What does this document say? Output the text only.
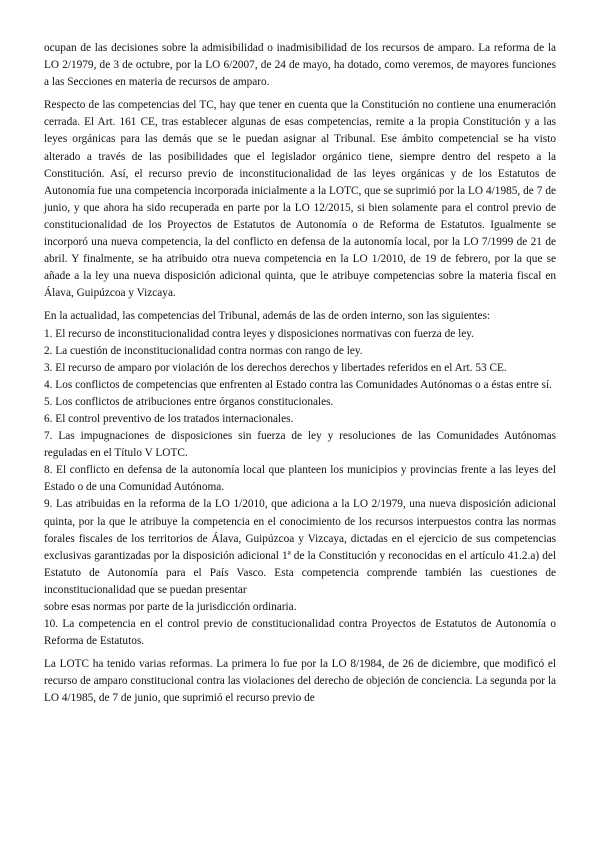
ocupan de las decisiones sobre la admisibilidad o inadmisibilidad de los recursos de amparo. La reforma de la LO 2/1979, de 3 de octubre, por la LO 6/2007, de 24 de mayo, ha dotado, como veremos, de mayores funciones a las Secciones en materia de recursos de amparo.

Respecto de las competencias del TC, hay que tener en cuenta que la Constitución no contiene una enumeración cerrada. El Art. 161 CE, tras establecer algunas de esas competencias, remite a la propia Constitución y a las leyes orgánicas para las demás que se le puedan asignar al Tribunal. Ese ámbito competencial se ha visto alterado a través de las posibilidades que el legislador orgánico tiene, siempre dentro del respeto a la Constitución. Así, el recurso previo de inconstitucionalidad de las leyes orgánicas y de los Estatutos de Autonomía fue una competencia incorporada inicialmente a la LOTC, que se suprimió por la LO 4/1985, de 7 de junio, y que ahora ha sido recuperada en parte por la LO 12/2015, si bien solamente para el control previo de constitucionalidad de los Proyectos de Estatutos de Autonomía o de Reforma de Estatutos. Igualmente se incorporó una nueva competencia, la del conflicto en defensa de la autonomía local, por la LO 7/1999 de 21 de abril. Y finalmente, se ha atribuido otra nueva competencia en la LO 1/2010, de 19 de febrero, por la que se añade a la ley una nueva disposición adicional quinta, que le atribuye competencias sobre la materia fiscal en Álava, Guipúzcoa y Vizcaya.

En la actualidad, las competencias del Tribunal, además de las de orden interno, son las siguientes:

1. El recurso de inconstitucionalidad contra leyes y disposiciones normativas con fuerza de ley.

2. La cuestión de inconstitucionalidad contra normas con rango de ley.

3. El recurso de amparo por violación de los derechos derechos y libertades referidos en el Art. 53 CE.

4. Los conflictos de competencias que enfrenten al Estado contra las Comunidades Autónomas o a éstas entre sí.

5. Los conflictos de atribuciones entre órganos constitucionales.

6. El control preventivo de los tratados internacionales.

7. Las impugnaciones de disposiciones sin fuerza de ley y resoluciones de las Comunidades Autónomas reguladas en el Título V LOTC.

8. El conflicto en defensa de la autonomía local que planteen los municipios y provincias frente a las leyes del Estado o de una Comunidad Autónoma.

9. Las atribuidas en la reforma de la LO 1/2010, que adiciona a la LO 2/1979, una nueva disposición adicional quinta, por la que le atribuye la competencia en el conocimiento de los recursos interpuestos contra las normas forales fiscales de los territorios de Álava, Guipúzcoa y Vizcaya, dictadas en el ejercicio de sus competencias exclusivas garantizadas por la disposición adicional 1ª de la Constitución y reconocidas en el artículo 41.2.a) del Estatuto de Autonomía para el País Vasco. Esta competencia comprende también las cuestiones de inconstitucionalidad que se puedan presentar

sobre esas normas por parte de la jurisdicción ordinaria.

10. La competencia en el control previo de constitucionalidad contra Proyectos de Estatutos de Autonomía o Reforma de Estatutos.

La LOTC ha tenido varias reformas. La primera lo fue por la LO 8/1984, de 26 de diciembre, que modificó el recurso de amparo constitucional contra las violaciones del derecho de objeción de conciencia. La segunda por la LO 4/1985, de 7 de junio, que suprimió el recurso previo de
